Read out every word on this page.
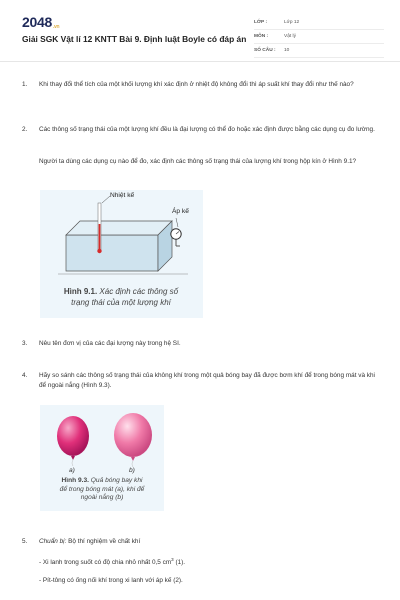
2048.vn
Giải SGK Vật lí 12 KNTT Bài 9. Định luật Boyle có đáp án
LỚP :	Lớp 12
MÔN :	Vật lý
SỐ CÂU : 10
1. Khi thay đổi thể tích của một khối lượng khí xác định ở nhiệt độ không đổi thì áp suất khí thay đổi như thế nào?
2. Các thông số trạng thái của một lượng khí đều là đại lượng có thể đo hoặc xác định được bằng các dụng cụ đo lường.
Người ta dùng các dụng cụ nào để đo, xác định các thông số trạng thái của lượng khí trong hộp kín ở Hình 9.1?
Nhiệt kế
Áp kế
Hình 9.1. Xác định các thông số
trạng thái của một lượng khí
3. Nêu tên đơn vị của các đại lượng này trong hệ SI.
4. Hãy so sánh các thông số trạng thái của không khí trong một quả bóng bay đã được bơm khí để trong bóng mát và khi để ngoài nắng (Hình 9.3).
a)	b)
Hình 9.3. Quả bóng bay khi
để trong bóng mát (a), khi để
ngoài nắng (b)
5. Chuẩn bị: Bộ thí nghiệm về chất khí
- Xi lanh trong suốt có độ chia nhỏ nhất 0,5 $cm^3$ (1).
- Pít-tông có ống nối khí trong xi lanh với áp kế (2).
